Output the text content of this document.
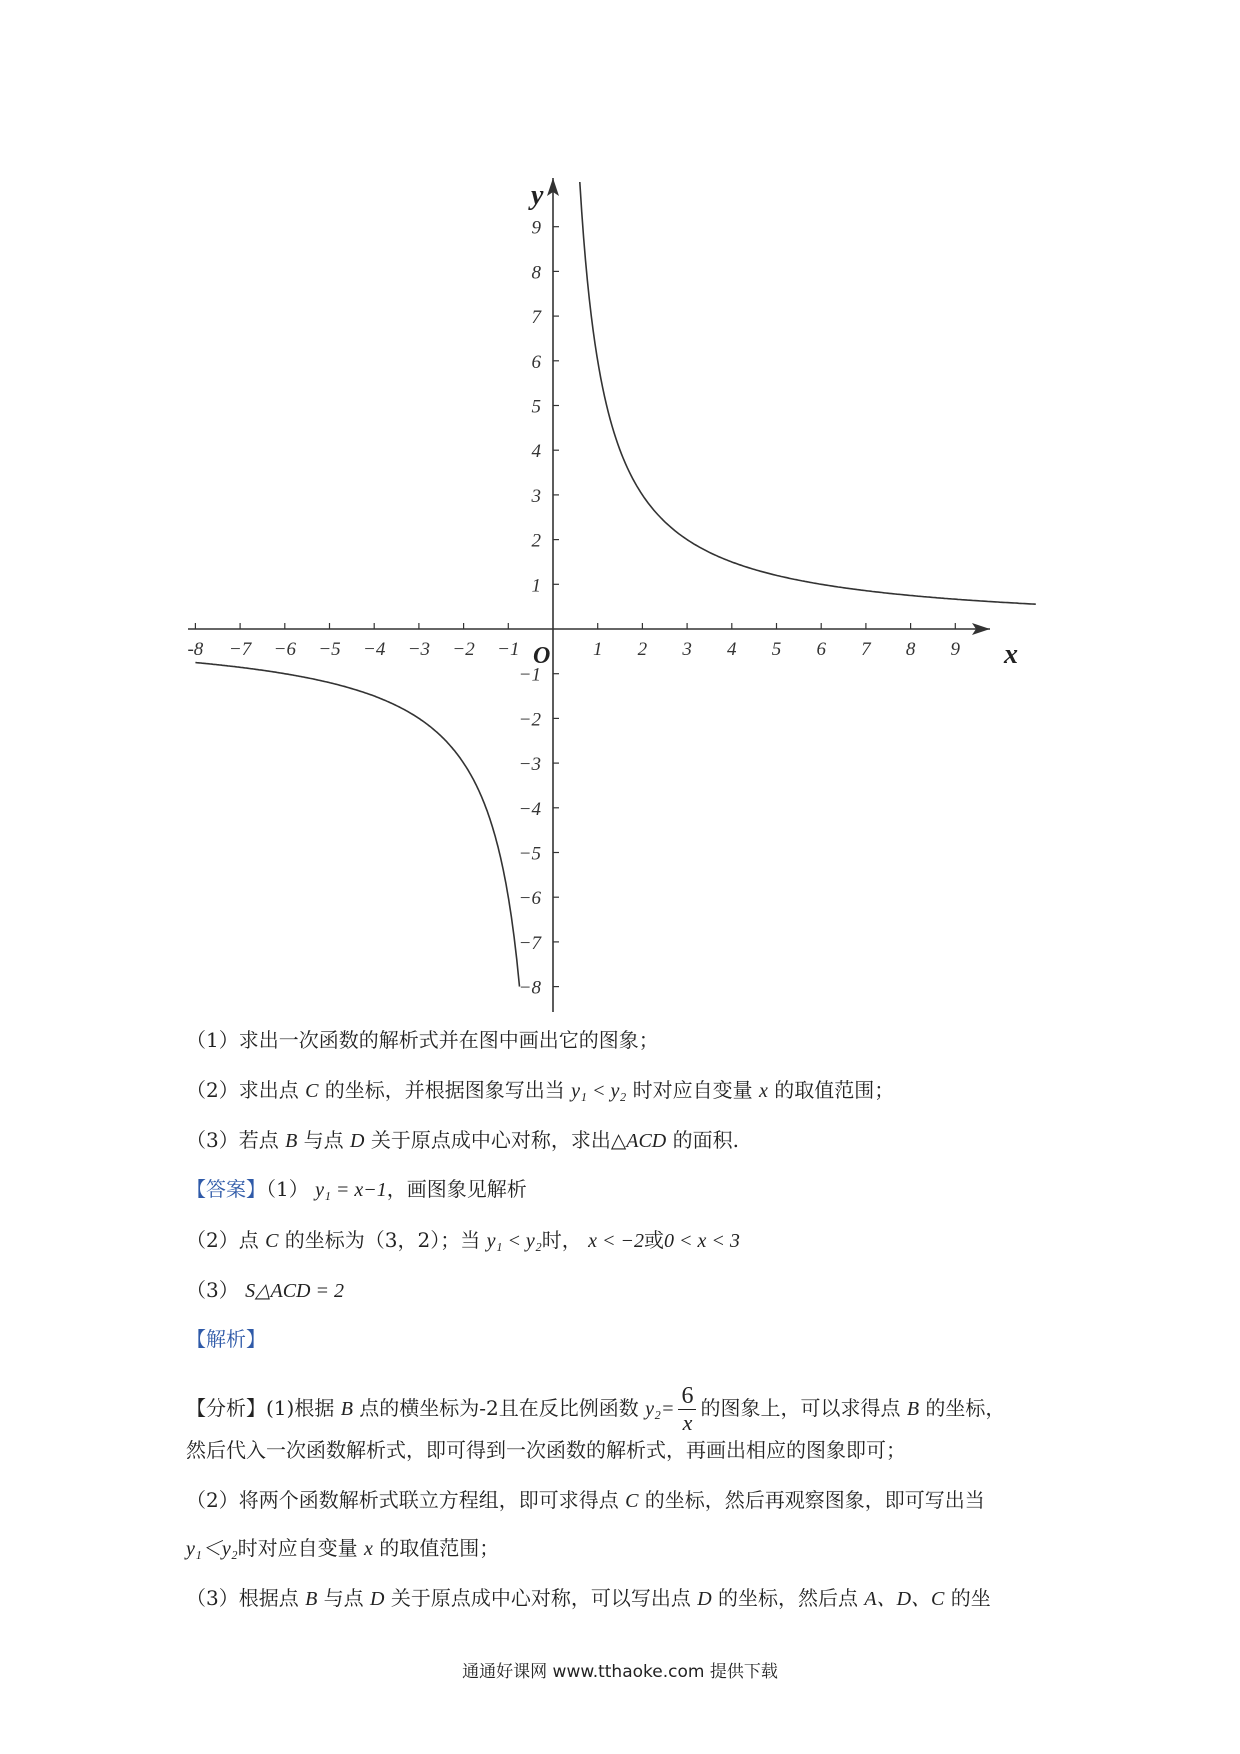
x
y
O
-8 −7 −6 −5 −4 −3 −2 −1	1 2 3 4 5 6 7 8 9
9
8
7
6
5
4
3
2
1
−1
−2
−3
−4
−5
−6
−7
−8
（1）求出一次函数的解析式并在图中画出它的图象；
（2）求出点 C 的坐标，并根据图象写出当 y₁ < y₂ 时对应自变量 x 的取值范围；
（3）若点 B 与点 D 关于原点成中心对称，求出△ACD 的面积.
【答案】（1） y₁ = x−1，画图象见解析
（2）点 C 的坐标为（3，2）；当 y₁ < y₂时， x < −2或0 < x < 3
（3） S△ACD = 2
【解析】
【分析】(1)根据 B 点的横坐标为-2且在反比例函数 $y_2= \frac{6}{x}$ 的图象上，可以求得点 B 的坐标，
然后代入一次函数解析式，即可得到一次函数的解析式，再画出相应的图象即可；
（2）将两个函数解析式联立方程组，即可求得点 C 的坐标，然后再观察图象，即可写出当
y₁＜y₂时对应自变量 x 的取值范围；
（3）根据点 B 与点 D 关于原点成中心对称，可以写出点 D 的坐标，然后点 A、D、C 的坐
通通好课网 www.tthaoke.com 提供下载
